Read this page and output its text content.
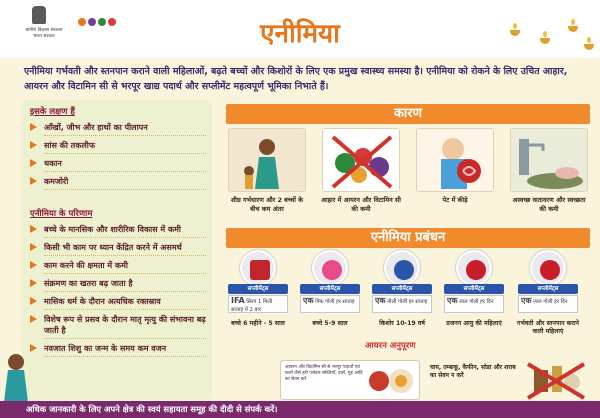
ग्रामीण विकास मंत्रालय भारत सरकार	एनीमिया
एनीमिया गर्भवती और स्तनपान कराने वाली महिलाओं, बढ़ते बच्चों और किशोरों के लिए एक प्रमुख स्वास्थ्य समस्या है। एनीमिया को रोकने के लिए उचित आहार, आयरन और विटामिन सी से भरपूर खाद्य पदार्थ और सप्लीमेंट महत्वपूर्ण भूमिका निभाते हैं।
इसके लक्षण हैं
आँखों, जीभ और हाथों का पीलापन
सांस की तकलीफ
थकान
कमजोरी
एनीमिया के परिणाम
बच्चे के मानसिक और शारीरिक विकास में कमी
किसी भी काम पर ध्यान केंद्रित करने में असमर्थ
काम करने की क्षमता में कमी
संक्रमण का खतरा बढ़ जाता है
मासिक धर्म के दौरान अत्यधिक रक्तस्राव
विशेष रूप से प्रसव के दौरान मातृ मृत्यु की संभावना बढ़ जाती है
नवजात शिशु का जन्म के समय कम वजन
कारण
शीघ्र गर्भधारण और 2 बच्चों के बीच कम अंतर
आहार में आयरन और विटामिन सी की कमी
पेट में कीड़े	अस्वच्छ वातावरण और स्वच्छता की कमी
एनीमिया प्रबंधन
सप्लीमेंट्स
IFA सिरप 1 मिली सप्ताह में 2 बार
बच्चे 6 महीने - 5 साल
सप्लीमेंट्स
एक पिंक गोली हर सप्ताह
बच्चे 5-9 साल
सप्लीमेंट्स
एक नीली गोली हर सप्ताह
किशोर 10-19 वर्ष
सप्लीमेंट्स
एक लाल गोली हर दिन
प्रजनन आयु की महिलाएं
सप्लीमेंट्स
एक लाल गोली हर दिन
गर्भवती और स्तनपान कराने वाली महिलाएं
आयरन अनुपूरण
आयरन और विटामिन सी से भरपूर पदार्थों एवं फलों जैसे हरी पत्तेदार सब्जियाँ, दालें, गुड़ आदि का सेवन करें
चाय, तम्बाकू, कैफीन, सोडा और शराब का सेवन न करें
अधिक जानकारी के लिए अपने क्षेत्र की स्वयं सहायता समूह की दीदी से संपर्क करें।
